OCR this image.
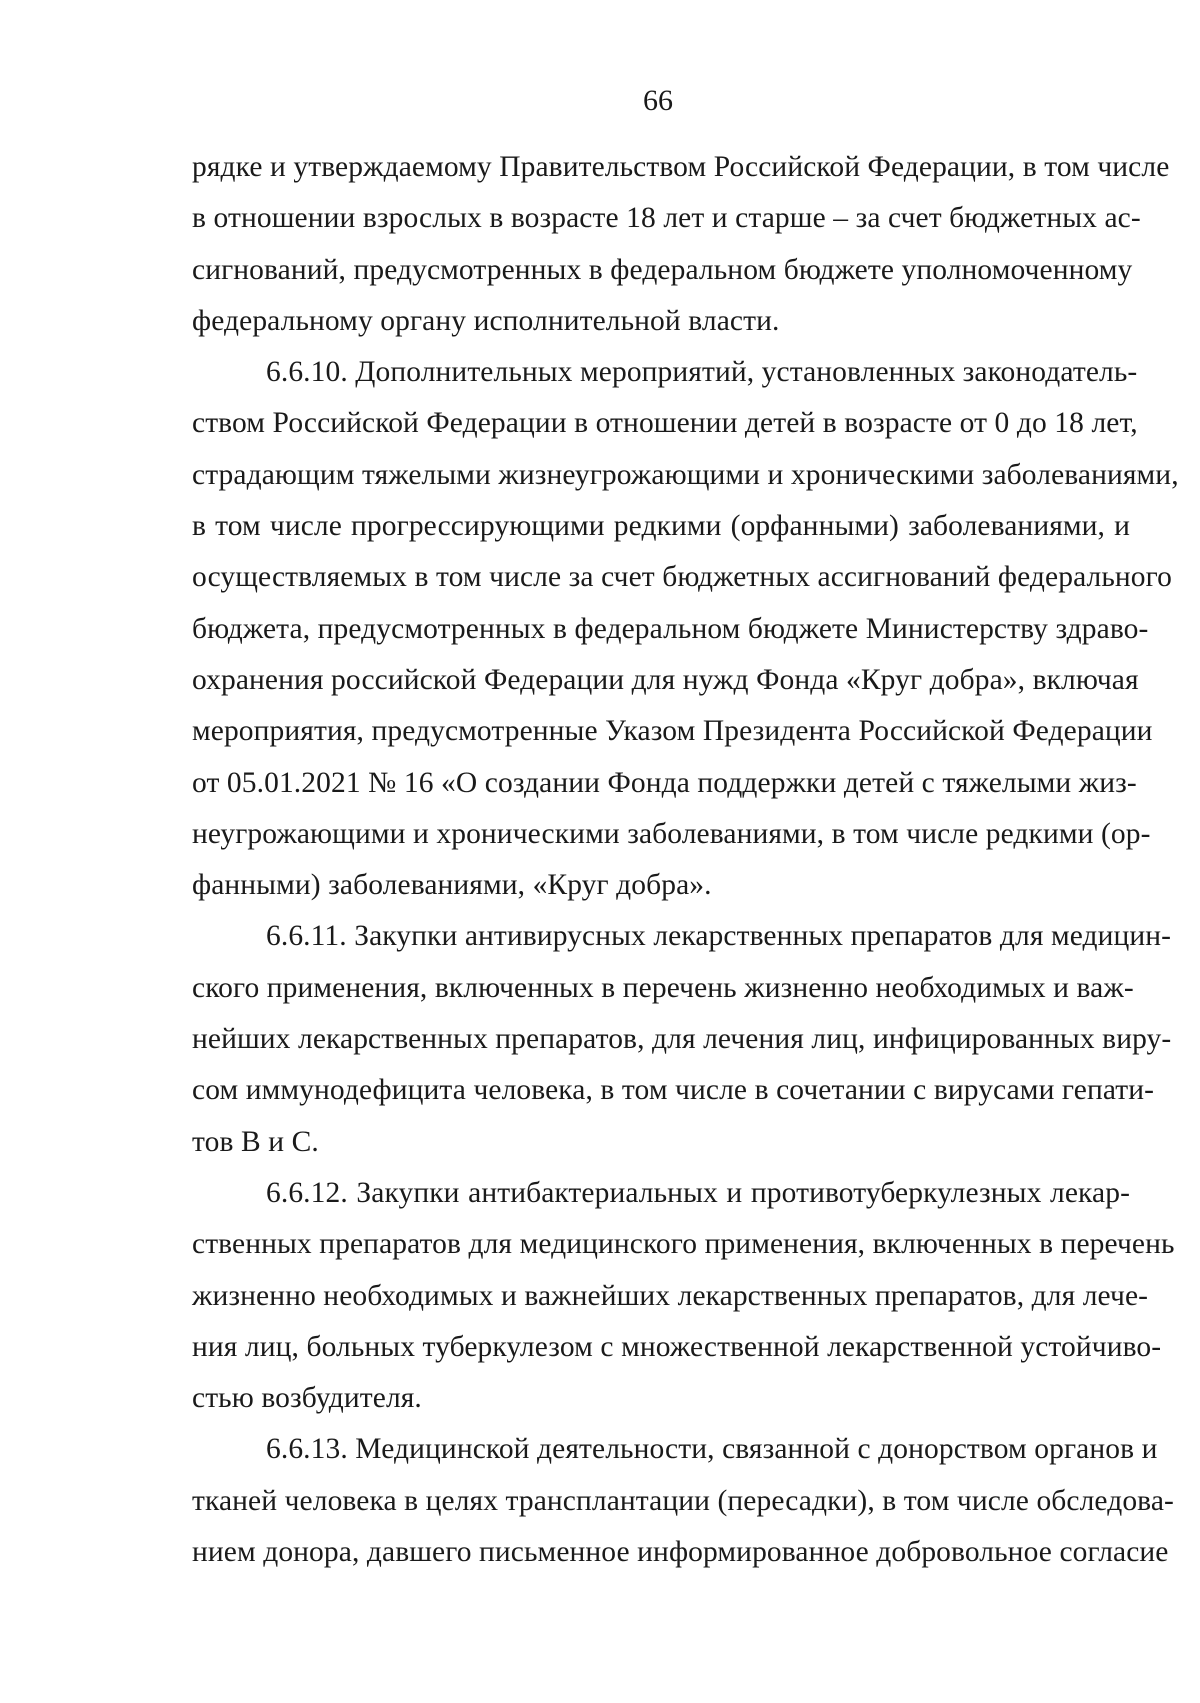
66
рядке и утверждаемому Правительством Российской Федерации, в том числе
в отношении взрослых в возрасте 18 лет и старше – за счет бюджетных ас-
сигнований, предусмотренных в федеральном бюджете уполномоченному
федеральному органу исполнительной власти.
6.6.10. Дополнительных мероприятий, установленных законодатель-
ством Российской Федерации в отношении детей в возрасте от 0 до 18 лет,
страдающим тяжелыми жизнеугрожающими и хроническими заболеваниями,
в том числе прогрессирующими редкими (орфанными) заболеваниями, и
осуществляемых в том числе за счет бюджетных ассигнований федерального
бюджета, предусмотренных в федеральном бюджете Министерству здраво-
охранения российской Федерации для нужд Фонда «Круг добра», включая
мероприятия, предусмотренные Указом Президента Российской Федерации
от 05.01.2021 № 16 «О создании Фонда поддержки детей с тяжелыми жиз-
неугрожающими и хроническими заболеваниями, в том числе редкими (ор-
фанными) заболеваниями, «Круг добра».
6.6.11. Закупки антивирусных лекарственных препаратов для медицин-
ского применения, включенных в перечень жизненно необходимых и важ-
нейших лекарственных препаратов, для лечения лиц, инфицированных виру-
сом иммунодефицита человека, в том числе в сочетании с вирусами гепати-
тов B и C.
6.6.12. Закупки антибактериальных и противотуберкулезных лекар-
ственных препаратов для медицинского применения, включенных в перечень
жизненно необходимых и важнейших лекарственных препаратов, для лече-
ния лиц, больных туберкулезом с множественной лекарственной устойчиво-
стью возбудителя.
6.6.13. Медицинской деятельности, связанной с донорством органов и
тканей человека в целях трансплантации (пересадки), в том числе обследова-
нием донора, давшего письменное информированное добровольное согласие
